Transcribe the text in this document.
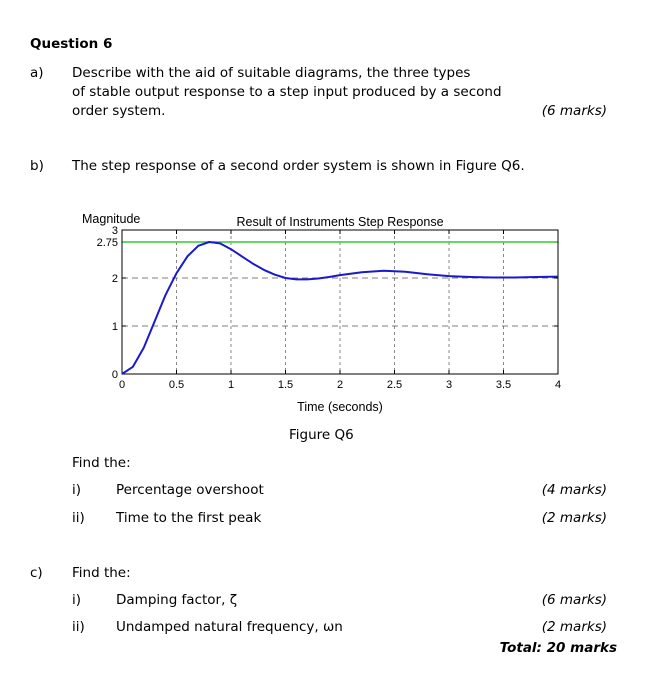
Question 6
a) Describe with the aid of suitable diagrams, the three types
of stable output response to a step input produced by a second
order system.	(6 marks)
b) The step response of a second order system is shown in Figure Q6.
Magnitude	Result of Instruments Step Response
Time (seconds)
0	0.5	1	1.5	2	2.5	3	3.5	4
0
1
2
2.75
3
Figure Q6
Find the:
i)	Percentage overshoot	(4 marks)
ii) Time to the first peak	(2 marks)
c) Find the:
i)	Damping factor, ζ	(6 marks)
ii) Undamped natural frequency, ωn	(2 marks)
Total: 20 marks
